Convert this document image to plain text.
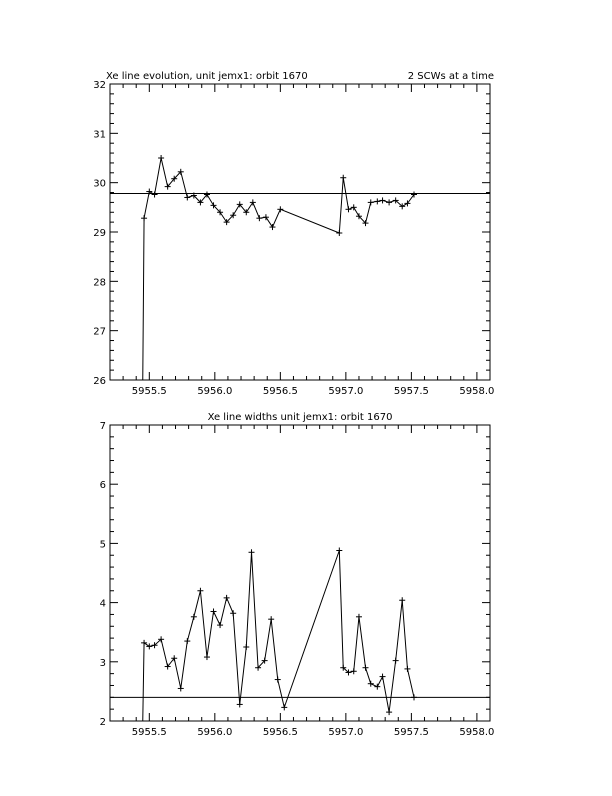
Xe line evolution, unit jemx1: orbit 1670	2 SCWs at a time
5955.5	5956.0	5956.5	5957.0	5957.5	5958.0
26
27
28
29
30
31
32
Xe line widths unit jemx1: orbit 1670
5955.5	5956.0	5956.5	5957.0	5957.5	5958.0
2
3
4
5
6
7
